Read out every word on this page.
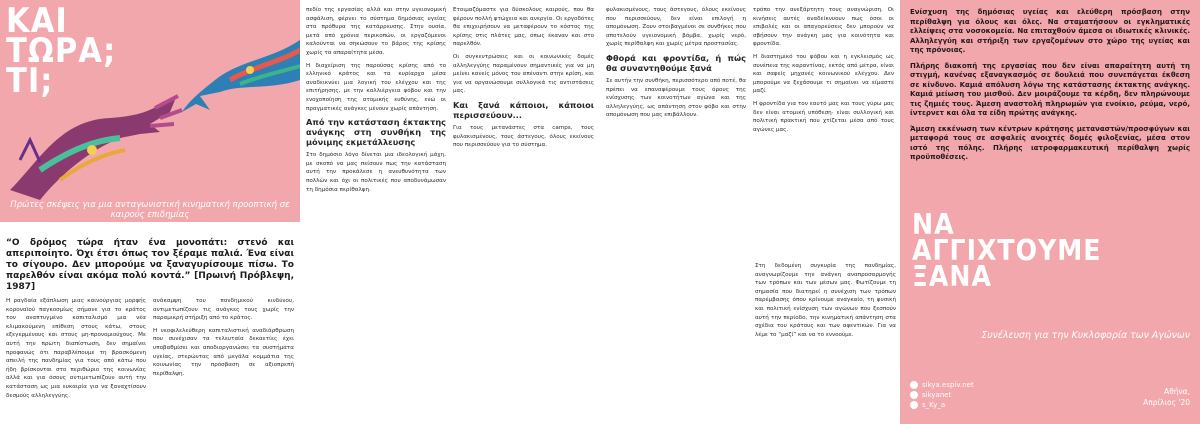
ΚΑΙ
ΤΩΡΑ;
ΤΙ;
Πρώτες σκέψεις για μια ανταγωνιστική κινηματική προοπτική σε καιρούς επιδημίας
“Ο δρόμος τώρα ήταν ένα μονοπάτι: στενό και απεριποίητο. Όχι έτσι όπως τον ξέραμε παλιά. Ένα είναι το σίγουρο. Δεν μπορούμε να ξαναγυρίσουμε πίσω. Το παρελθόν είναι ακόμα πολύ κοντά.” [Πρωινή Πρόβλεψη, 1987]

Η ραγδαία εξάπλωση μιας καινούργιας μορφής κοροναϊού παγκοσμίως σήμανε για το κράτος τον αναπτυγμένο καπιταλισμό μια νέα κλιμακούμενη επίθεση στους κάτω, στους εξεγερμένους και στους μη-προνομιούχους. Με αυτή την πρώτη διαπίστωση, δεν σημαίνει προφανώς ότι παραβλέπουμε τη βρασκόμενη απειλή της πανδημίας για τους από κάτω που ήδη βρίσκονται στο περιθώριο της κοινωνίας αλλά και για όσους αντιμετωπίζουν αυτή την κατάσταση ως μια ευκαιρία για να ξαναχτίσουν δεσμούς αλληλεγγύης.

ανάκαμψη του πανδημικού κινδύνου, αντιμετωπίζουν τις ανάγκες τους χωρίς την παραμικρή στήριξη από το κράτος.

Η νεοφιλελεύθερη καπιταλιστική αναδιάρθρωση που συνέχισαν τα τελευταία δεκαετίες έχει υποβαθμίσει και αποδιοργανώσει τα συστήματα υγείας, στερώντας από μεγάλα κομμάτια της κοινωνίας την πρόσβαση σε αξιοπρεπή περίθαλψη.

πεδίο της εργασίας αλλά και στην υγειονομική ασφάλιση, φέρνει το σύστημα δημόσιας υγείας στα πρόθυρα της κατάρρευσης. Στην ουσία, μετά από χρόνια περικοπών, οι εργαζόμενοι καλούνται να σηκώσουν το βάρος της κρίσης χωρίς τα απαραίτητα μέσα.

Η διαχείριση της παρούσας κρίσης από το ελληνικό κράτος και τα κυρίαρχα μέσα αναδεικνύει μια λογική του ελέγχου και της επιτήρησης, με την καλλιέργεια φόβου και την ενοχοποίηση της ατομικής ευθύνης, ενώ οι πραγματικές ανάγκες μένουν χωρίς απάντηση.

Από την κατάσταση έκτακτης ανάγκης στη συνθήκη της μόνιμης εκμετάλλευσης

Στο δημόσιο λόγο δίνεται μια ιδεολογική μάχη, με σκοπό να μας πείσουν πως την κατάσταση αυτή την προκάλεσε η ανευθυνότητα των πολλών και όχι οι πολιτικές που αποδυνάμωσαν τη δημόσια περίθαλψη.

Ετοιμαζόμαστε για δύσκολους καιρούς, που θα φέρουν πολλή φτώχεια και ανεργία. Οι εργοδότες θα επιχειρήσουν να μεταφέρουν το κόστος της κρίσης στις πλάτες μας, όπως έκαναν και στο παρελθόν.

Οι συγκεντρώσεις και οι κοινωνικές δομές αλληλεγγύης παραμένουν σημαντικές για να μη μείνει κανείς μόνος του απέναντι στην κρίση, και για να οργανώσουμε συλλογικά τις αντιστάσεις μας.

Και ξανά κάποιοι, κάποιοι περισσεύουν...

Για τους μετανάστες στα camps, τους φυλακισμένους, τους άστεγους, όλους εκείνους που περισσεύουν για το σύστημα.

φυλακισμένους, τους άστεγους, όλους εκείνους που περισσεύουν, δεν είναι επιλογή η απομόνωση. Ζουν στοιβαγμένοι σε συνθήκες που αποτελούν υγειονομική βόμβα, χωρίς νερό, χωρίς περίθαλψη και χωρίς μέτρα προστασίας.

Φθορά και φροντίδα, ή πώς θα συναντηθούμε ξανά

Σε αυτήν την συνθήκη, περισσότερο από ποτέ, θα πρέπει να επαναφέρουμε τους όρους της ενίσχυσης των κοινοτήτων αγώνα και της αλληλεγγύης, ως απάντηση στον φόβο και στην απομόνωση που μας επιβάλλουν.

τρόπο την ανεξάρτητη τους αναγνώριση. Οι κινήσεις αυτές αναδείκνυουν πως όσοι οι επιβολές και οι απαγορεύσεις δεν μπορούν να σβήσουν την ανάγκη μας για κοινότητα και φροντίδα.

Η διαστημικό του φόβου και η εγκλεισμός ως συνέπεια της καραντίνας, εκτός από μέτρα, είναι και σαφείς μηχανές κοινωνικού ελέγχου. Δεν μπορούμε να ξεχάσουμε τι σημαίνει να είμαστε μαζί.

Η φροντίδα για τον εαυτό μας και τους γύρω μας δεν είναι ατομική υπόθεση· είναι συλλογική και πολιτική πρακτική που χτίζεται μέσα από τους αγώνες μας.

Ενίσχυση της δημόσιας υγείας και ελεύθερη πρόσβαση στην περίθαλψη για όλους και όλες. Να σταματήσουν οι εγκληματικές ελλείψεις στα νοσοκομεία. Να επιταχθούν άμεσα οι ιδιωτικές κλινικές. Αλληλεγγύη και στήριξη των εργαζομένων στο χώρο της υγείας και της πρόνοιας.

Πλήρης διακοπή της εργασίας που δεν είναι απαραίτητη αυτή τη στιγμή, κανένας εξαναγκασμός σε δουλειά που συνεπάγεται έκθεση σε κίνδυνο. Καμιά απόλυση λόγω της κατάστασης έκτακτης ανάγκης. Καμιά μείωση του μισθού. Δεν μοιράζουμε τα κέρδη, δεν πληρώνουμε τις ζημιές τους. Άμεση αναστολή πληρωμών για ενοίκιο, ρεύμα, νερό, ίντερνετ και όλα τα είδη πρώτης ανάγκης.

Άμεση εκκένωση των κέντρων κράτησης μεταναστών/προσφύγων και μεταφορά τους σε ασφαλείς ανοιχτές δομές φιλοξενίας, μέσα στον ιστό της πόλης. Πλήρης ιατροφαρμακευτική περίθαλψη χωρίς προϋποθέσεις.

ΝΑ
ΑΓΓΙΧΤΟΥΜΕ
ΞΑΝΑ
Συνέλευση για την Κυκλοφορία των Αγώνων
sikya.espiv.net
sikyanet
s_Ky_a
Αθήνα,
Απρίλιος '20

Στη δεδομένη συγκυρία της πανδημίας, αναγνωρίζουμε την ανάγκη αναπροσαρμογής των τρόπων και των μέσων μας. Φωτίζουμε τη σημασία που διατηρεί η συνέχιση των τρόπων παρέμβασης όπου κρίνουμε αναγκαίο, τη φυσική και πολιτική ενίσχυση των αγώνων που ξεσπούν αυτή την περίοδο, την κινηματική απάντηση στα σχέδια του κράτους και των αφεντικών. Για να λέμε το “μαζί” και να το εννοούμε.
